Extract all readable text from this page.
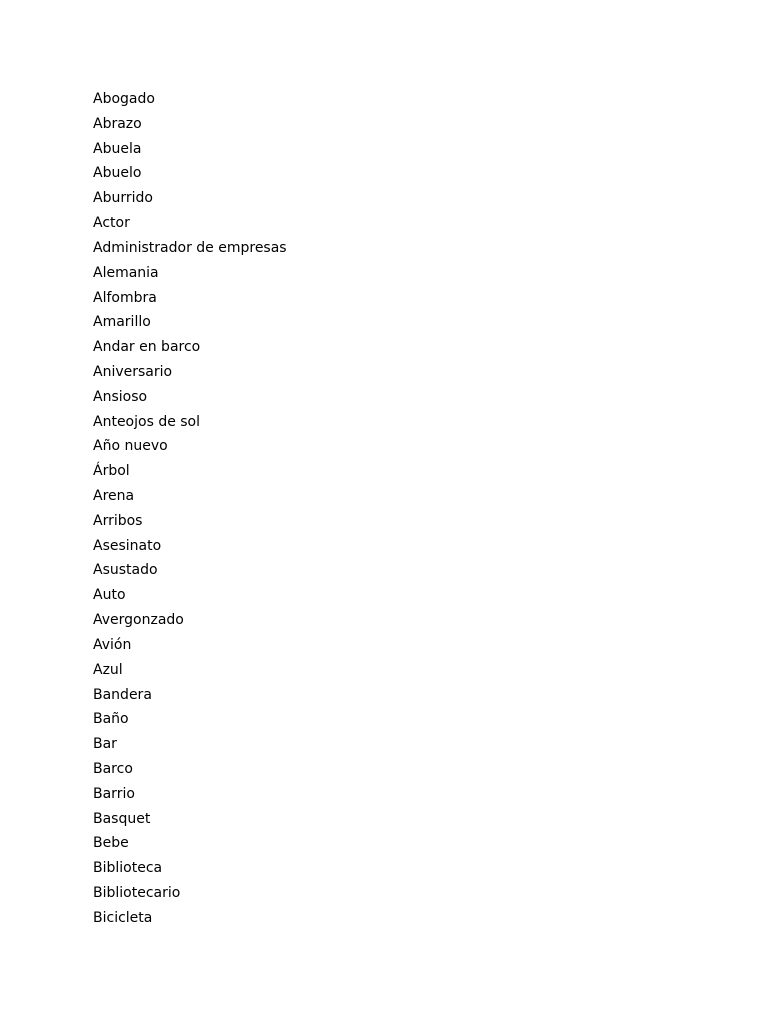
Abogado
Abrazo
Abuela
Abuelo
Aburrido
Actor
Administrador de empresas
Alemania
Alfombra
Amarillo
Andar en barco
Aniversario
Ansioso
Anteojos de sol
Año nuevo
Árbol
Arena
Arribos
Asesinato
Asustado
Auto
Avergonzado
Avión
Azul
Bandera
Baño
Bar
Barco
Barrio
Basquet
Bebe
Biblioteca
Bibliotecario
Bicicleta
